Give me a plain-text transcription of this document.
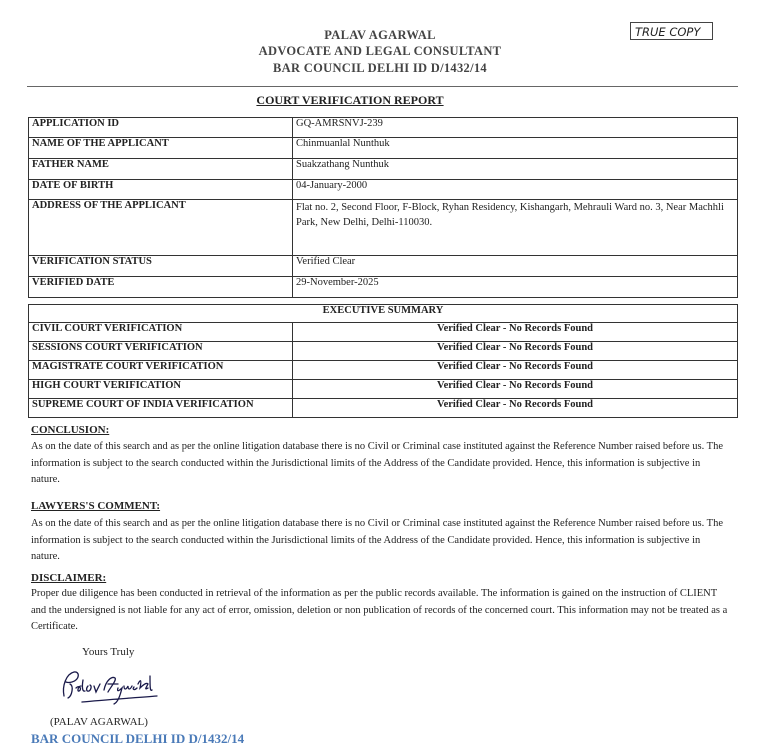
PALAV AGARWAL
ADVOCATE AND LEGAL CONSULTANT
BAR COUNCIL DELHI ID D/1432/14
TRUE COPY
COURT VERIFICATION REPORT
APPLICATION ID	GQ-AMRSNVJ-239
NAME OF THE APPLICANT	Chinmuanlal Nunthuk
FATHER NAME	Suakzathang Nunthuk
DATE OF BIRTH	04-January-2000
ADDRESS OF THE APPLICANT	Flat no. 2, Second Floor, F-Block, Ryhan Residency, Kishangarh, Mehrauli Ward no. 3, Near Machhli Park, New Delhi, Delhi-110030.
VERIFICATION STATUS	Verified Clear
VERIFIED DATE	29-November-2025
EXECUTIVE SUMMARY	
CIVIL COURT VERIFICATION	Verified Clear - No Records Found
SESSIONS COURT VERIFICATION	Verified Clear - No Records Found
MAGISTRATE COURT VERIFICATION	Verified Clear - No Records Found
HIGH COURT VERIFICATION	Verified Clear - No Records Found
SUPREME COURT OF INDIA VERIFICATION	Verified Clear - No Records Found
CONCLUSION:
As on the date of this search and as per the online litigation database there is no Civil or Criminal case instituted against the Reference Number raised before us. The information is subject to the search conducted within the Jurisdictional limits of the Address of the Candidate provided. Hence, this information is subjective in nature.
LAWYERS'S COMMENT:
As on the date of this search and as per the online litigation database there is no Civil or Criminal case instituted against the Reference Number raised before us. The information is subject to the search conducted within the Jurisdictional limits of the Address of the Candidate provided. Hence, this information is subjective in nature.
DISCLAIMER:
Proper due diligence has been conducted in retrieval of the information as per the public records available. The information is gained on the instruction of CLIENT and the undersigned is not liable for any act of error, omission, deletion or non publication of records of the concerned court. This information may not be treated as a Certificate.
Yours Truly
(PALAV AGARWAL)
BAR COUNCIL DELHI ID D/1432/14
